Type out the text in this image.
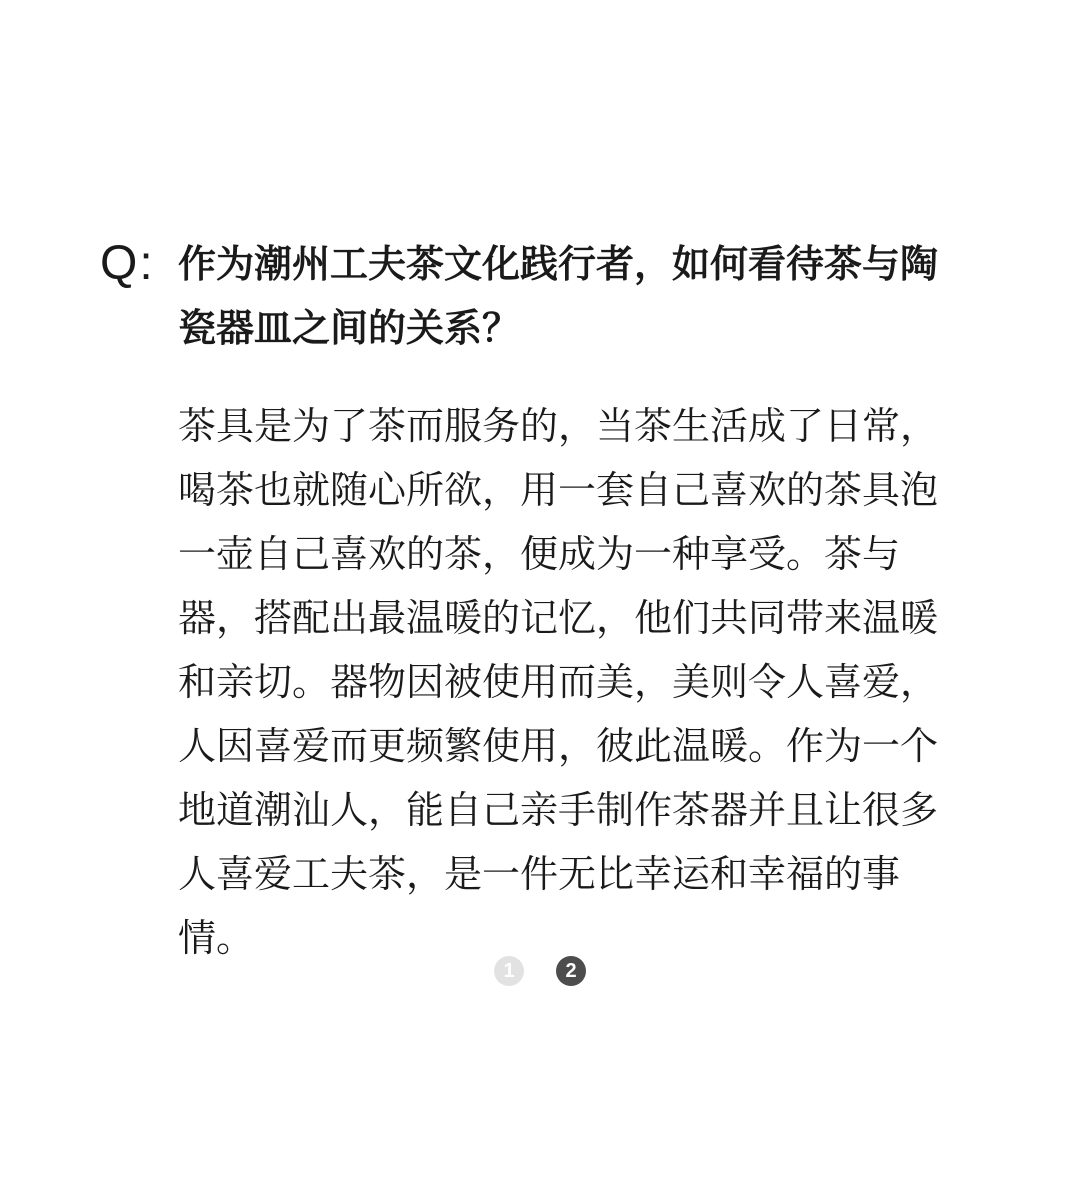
Q: 作为潮州工夫茶文化践行者，如何看待茶与陶瓷器皿之间的关系？
茶具是为了茶而服务的，当茶生活成了日常，喝茶也就随心所欲，用一套自己喜欢的茶具泡一壶自己喜欢的茶，便成为一种享受。茶与器，搭配出最温暖的记忆，他们共同带来温暖和亲切。器物因被使用而美，美则令人喜爱，人因喜爱而更频繁使用，彼此温暖。作为一个地道潮汕人，能自己亲手制作茶器并且让很多人喜爱工夫茶，是一件无比幸运和幸福的事情。
1	2
